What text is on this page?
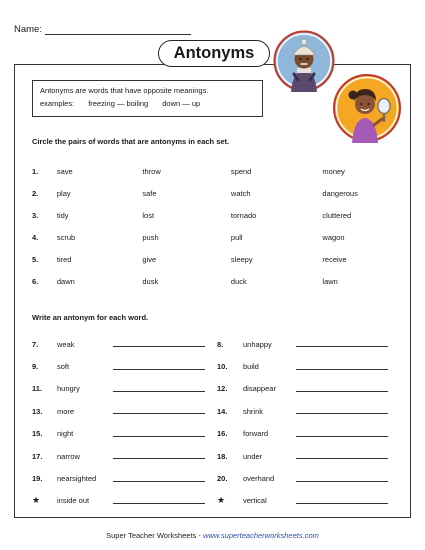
Name:
Antonyms
Antonyms are words that have opposite meanings.
examples: freezing — boiling down — up
Circle the pairs of words that are antonyms in each set.
1.	save	throw	spend	money
2.	play	safe	watch	dangerous
3.	tidy	lost	tornado	cluttered
4.	scrub	push	pull	wagon
5.	tired	give	sleepy	receive
6.	dawn	dusk	duck	lawn
Write an antonym for each word.
7.	weak	8.	unhappy
9.	soft	10.	build
11.	hungry	12.	disappear
13.	more	14.	shrink
15.	night	16.	forward
17.	narrow	18.	under
19.	nearsighted	20.	overhand
★	inside out	★	vertical
Super Teacher Worksheets - www.superteacherworksheets.com
